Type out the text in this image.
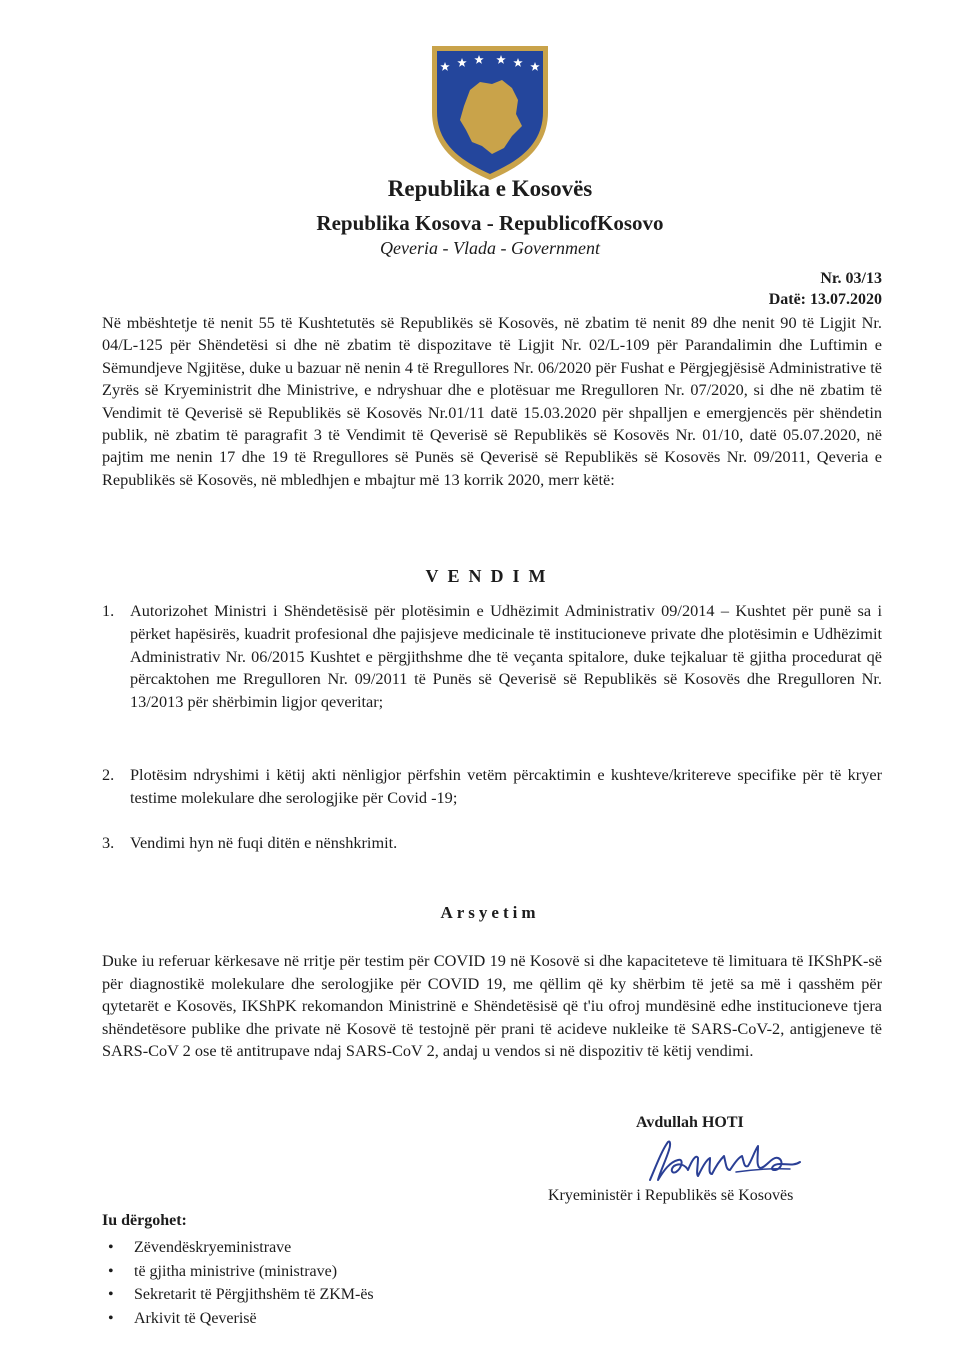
Republika e Kosovës
Republika Kosova - RepublicofKosovo
Qeveria - Vlada - Government
Nr. 03/13
Datë: 13.07.2020
Në mbështetje të nenit 55 të Kushtetutës së Republikës së Kosovës, në zbatim të nenit 89 dhe nenit 90 të Ligjit Nr. 04/L-125 për Shëndetësi si dhe në zbatim të dispozitave të Ligjit Nr. 02/L-109 për Parandalimin dhe Luftimin e Sëmundjeve Ngjitëse, duke u bazuar në nenin 4 të Rregullores Nr. 06/2020 për Fushat e Përgjegjësisë Administrative të Zyrës së Kryeministrit dhe Ministrive, e ndryshuar dhe e plotësuar me Rregulloren Nr. 07/2020, si dhe në zbatim të Vendimit të Qeverisë së Republikës së Kosovës Nr.01/11 datë 15.03.2020 për shpalljen e emergjencës për shëndetin publik, në zbatim të paragrafit 3 të Vendimit të Qeverisë së Republikës së Kosovës Nr. 01/10, datë 05.07.2020, në pajtim me nenin 17 dhe 19 të Rregullores së Punës së Qeverisë së Republikës së Kosovës Nr. 09/2011, Qeveria e Republikës së Kosovës, në mbledhjen e mbajtur më 13 korrik 2020, merr këtë:
VENDIM
1. Autorizohet Ministri i Shëndetësisë për plotësimin e Udhëzimit Administrativ 09/2014 – Kushtet për punë sa i përket hapësirës, kuadrit profesional dhe pajisjeve medicinale të institucioneve private dhe plotësimin e Udhëzimit Administrativ Nr. 06/2015 Kushtet e përgjithshme dhe të veçanta spitalore, duke tejkaluar të gjitha procedurat që përcaktohen me Rregulloren Nr. 09/2011 të Punës së Qeverisë së Republikës së Kosovës dhe Rregulloren Nr. 13/2013 për shërbimin ligjor qeveritar;
2. Plotësim ndryshimi i këtij akti nënligjor përfshin vetëm përcaktimin e kushteve/kritereve specifike për të kryer testime molekulare dhe serologjike për Covid -19;
3. Vendimi hyn në fuqi ditën e nënshkrimit.
Arsyetim
Duke iu referuar kërkesave në rritje për testim për COVID 19 në Kosovë si dhe kapaciteteve të limituara të IKShPK-së për diagnostikë molekulare dhe serologjike për COVID 19, me qëllim që ky shërbim të jetë sa më i qasshëm për qytetarët e Kosovës, IKShPK rekomandon Ministrinë e Shëndetësisë që t'iu ofroj mundësinë edhe institucioneve tjera shëndetësore publike dhe private në Kosovë të testojnë për prani të acideve nukleike të SARS-CoV-2, antigjeneve të SARS-CoV 2 ose të antitrupave ndaj SARS-CoV 2, andaj u vendos si në dispozitiv të këtij vendimi.
Avdullah HOTI
Kryeministër i Republikës së Kosovës
Iu dërgohet:
• Zëvendëskryeministrave
• të gjitha ministrive (ministrave)
• Sekretarit të Përgjithshëm të ZKM-ës
• Arkivit të Qeverisë
